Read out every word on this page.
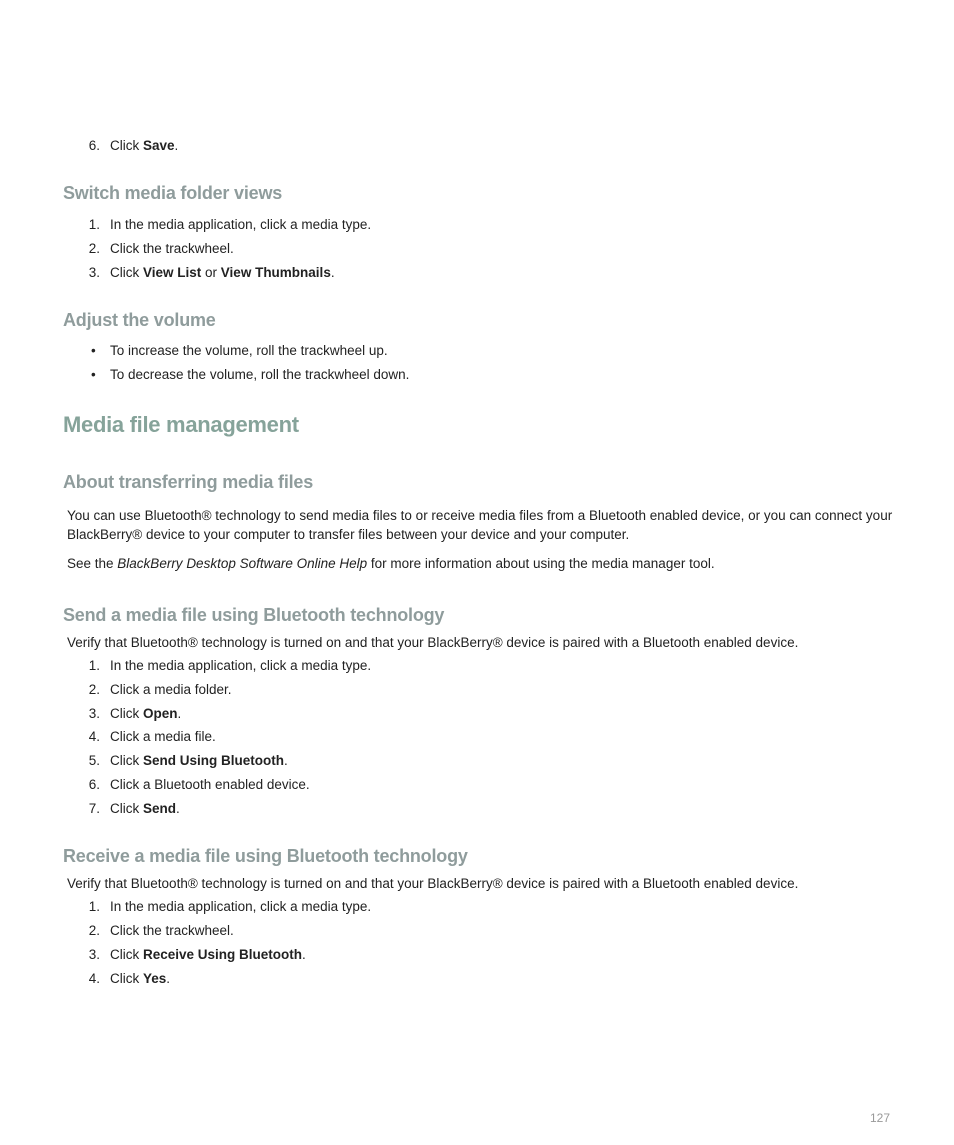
6. Click Save.
Switch media folder views
1. In the media application, click a media type.
2. Click the trackwheel.
3. Click View List or View Thumbnails.
Adjust the volume
•	To increase the volume, roll the trackwheel up.
•	To decrease the volume, roll the trackwheel down.
Media file management
About transferring media files
You can use Bluetooth® technology to send media files to or receive media files from a Bluetooth enabled device, or you can connect your BlackBerry® device to your computer to transfer files between your device and your computer.
See the BlackBerry Desktop Software Online Help for more information about using the media manager tool.
Send a media file using Bluetooth technology
Verify that Bluetooth® technology is turned on and that your BlackBerry® device is paired with a Bluetooth enabled device.
1. In the media application, click a media type.
2. Click a media folder.
3. Click Open.
4. Click a media file.
5. Click Send Using Bluetooth.
6. Click a Bluetooth enabled device.
7. Click Send.
Receive a media file using Bluetooth technology
Verify that Bluetooth® technology is turned on and that your BlackBerry® device is paired with a Bluetooth enabled device.
1. In the media application, click a media type.
2. Click the trackwheel.
3. Click Receive Using Bluetooth.
4. Click Yes.
127
